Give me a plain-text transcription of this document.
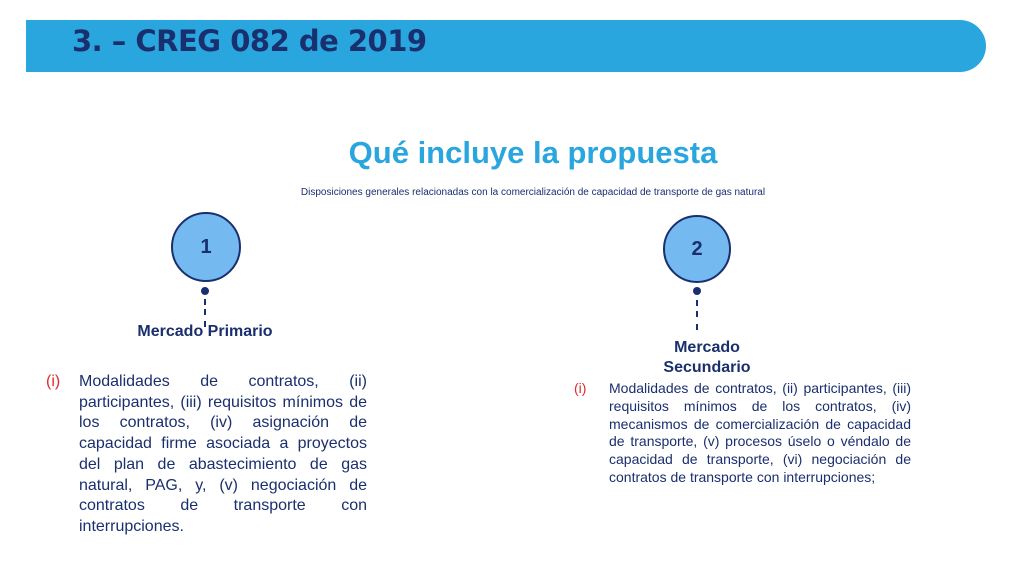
3. – CREG 082 de 2019
Qué incluye la propuesta
Disposiciones generales relacionadas con la comercialización de capacidad de transporte de gas natural
1
Mercado Primario
(i) Modalidades de contratos, (ii) participantes, (iii) requisitos mínimos de los contratos, (iv) asignación de capacidad firme asociada a proyectos del plan de abastecimiento de gas natural, PAG, y, (v) negociación de contratos de transporte con interrupciones.
2
Mercado Secundario
(i) Modalidades de contratos, (ii) participantes, (iii) requisitos mínimos de los contratos, (iv) mecanismos de comercialización de capacidad de transporte, (v) procesos úselo o véndalo de capacidad de transporte, (vi) negociación de contratos de transporte con interrupciones;
